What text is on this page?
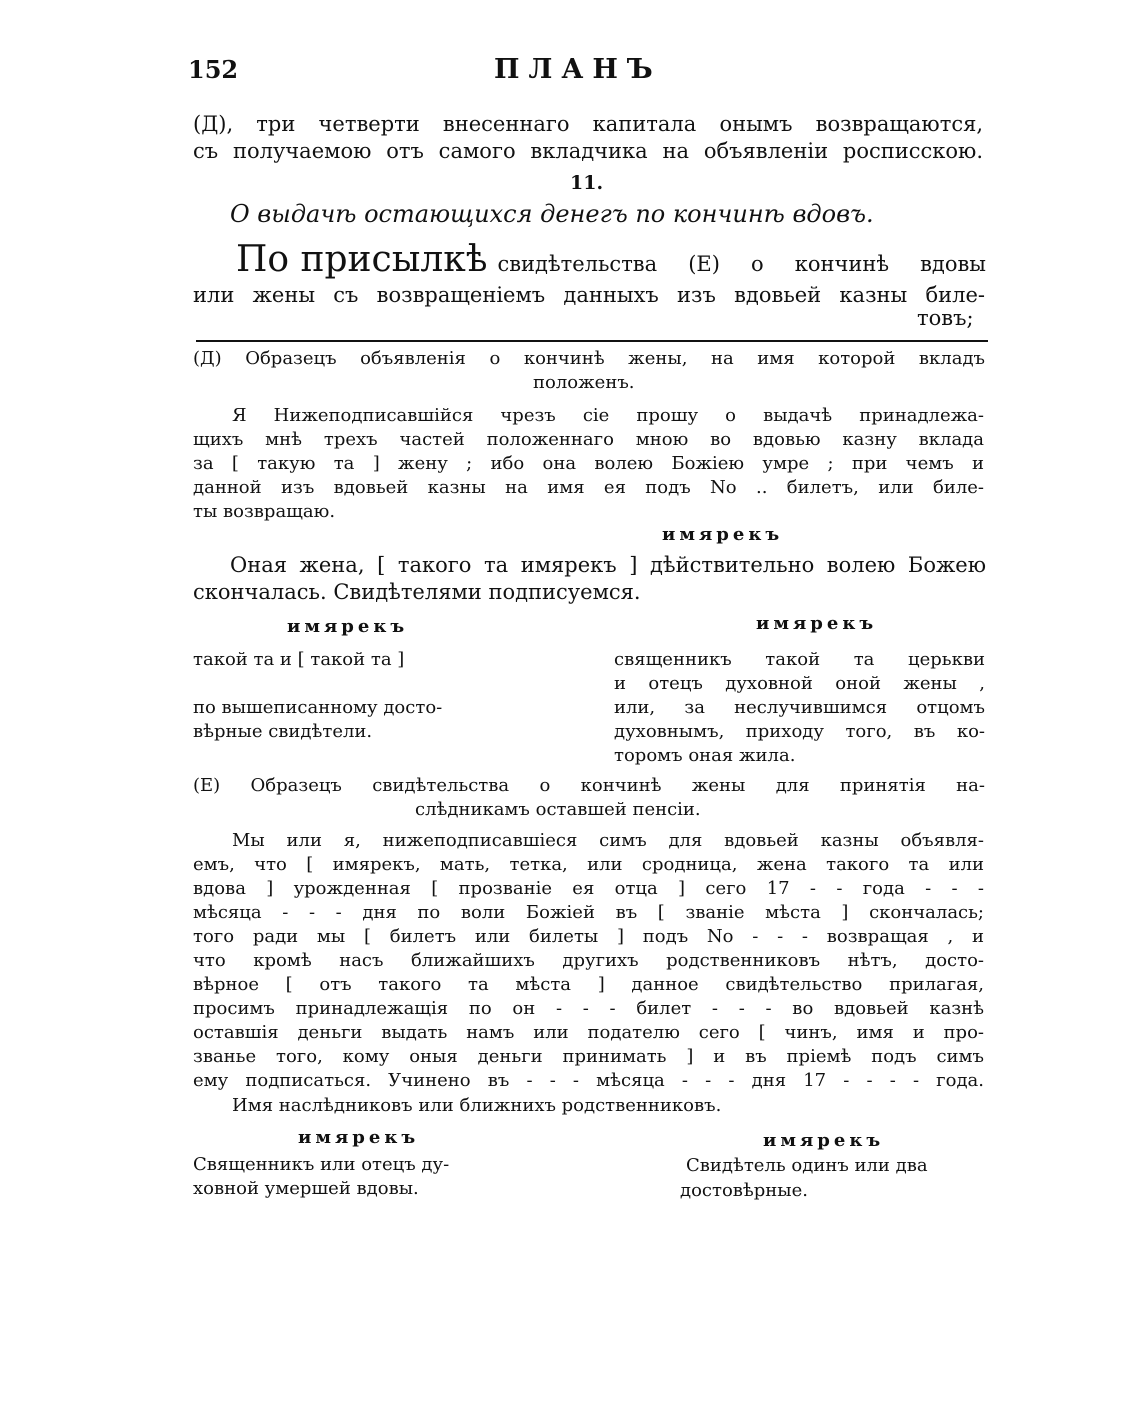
152	ПЛАНЪ
(Д), три четверти внесеннаго капитала онымъ возвращаются,
съ получаемою отъ самого вкладчика на объявленіи росписскою.
11.
О выдачѣ остающихся денегъ по кончинѣ вдовъ.
По присылкѣ свидѣтельства (Е) о кончинѣ вдовы
или жены съ возвращеніемъ данныхъ изъ вдовьей казны биле-
товъ;
(Д) Образецъ объявленія о кончинѣ жены, на имя которой вкладъ
положенъ.
Я Нижеподписавшійся чрезъ сіе прошу о выдачѣ принадлежа-
щихъ мнѣ трехъ частей положеннаго мною во вдовью казну вклада
за [ такую та ] жену ; ибо она волею Божіею умре ; при чемъ и
данной изъ вдовьей казны на имя ея подъ No .. билетъ, или биле-
ты возвращаю.
имярекъ
Оная жена, [ такого та имярекъ ] дѣйствительно волею Божею
скончалась. Свидѣтелями подписуемся.
имярекъ	имярекъ
такой та и [ такой та ]
по вышеписанному досто-
вѣрные свидѣтели.
священникъ такой та церькви
и отецъ духовной оной жены ,
или, за неслучившимся отцомъ
духовнымъ, приходу того, въ ко-
торомъ оная жила.
(Е) Образецъ свидѣтельства о кончинѣ жены для принятія на-
слѣдникамъ оставшей пенсіи.
Мы или я, нижеподписавшіеся симъ для вдовьей казны объявля-
емъ, что [ имярекъ, мать, тетка, или сродница, жена такого та или
вдова ] урожденная [ прозваніе ея отца ] сего 17 - - года - - -
мѣсяца - - - дня по воли Божіей въ [ званіе мѣста ] скончалась;
того ради мы [ билетъ или билеты ] подъ No - - - возвращая , и
что кромѣ насъ ближайшихъ другихъ родственниковъ нѣтъ, досто-
вѣрное [ отъ такого та мѣста ] данное свидѣтельство прилагая,
просимъ принадлежащія по он - - - билет - - - во вдовьей казнѣ
оставшія деньги выдать намъ или подателю сего [ чинъ, имя и про-
званье того, кому оныя деньги принимать ] и въ пріемѣ подъ симъ
ему подписаться. Учинено въ - - - мѣсяца - - - дня 17 - - - - года.
Имя наслѣдниковъ или ближнихъ родственниковъ.
имярекъ	имярекъ
Священникъ или отецъ ду-
ховной умершей вдовы.
Свидѣтель одинъ или два
достовѣрные.
